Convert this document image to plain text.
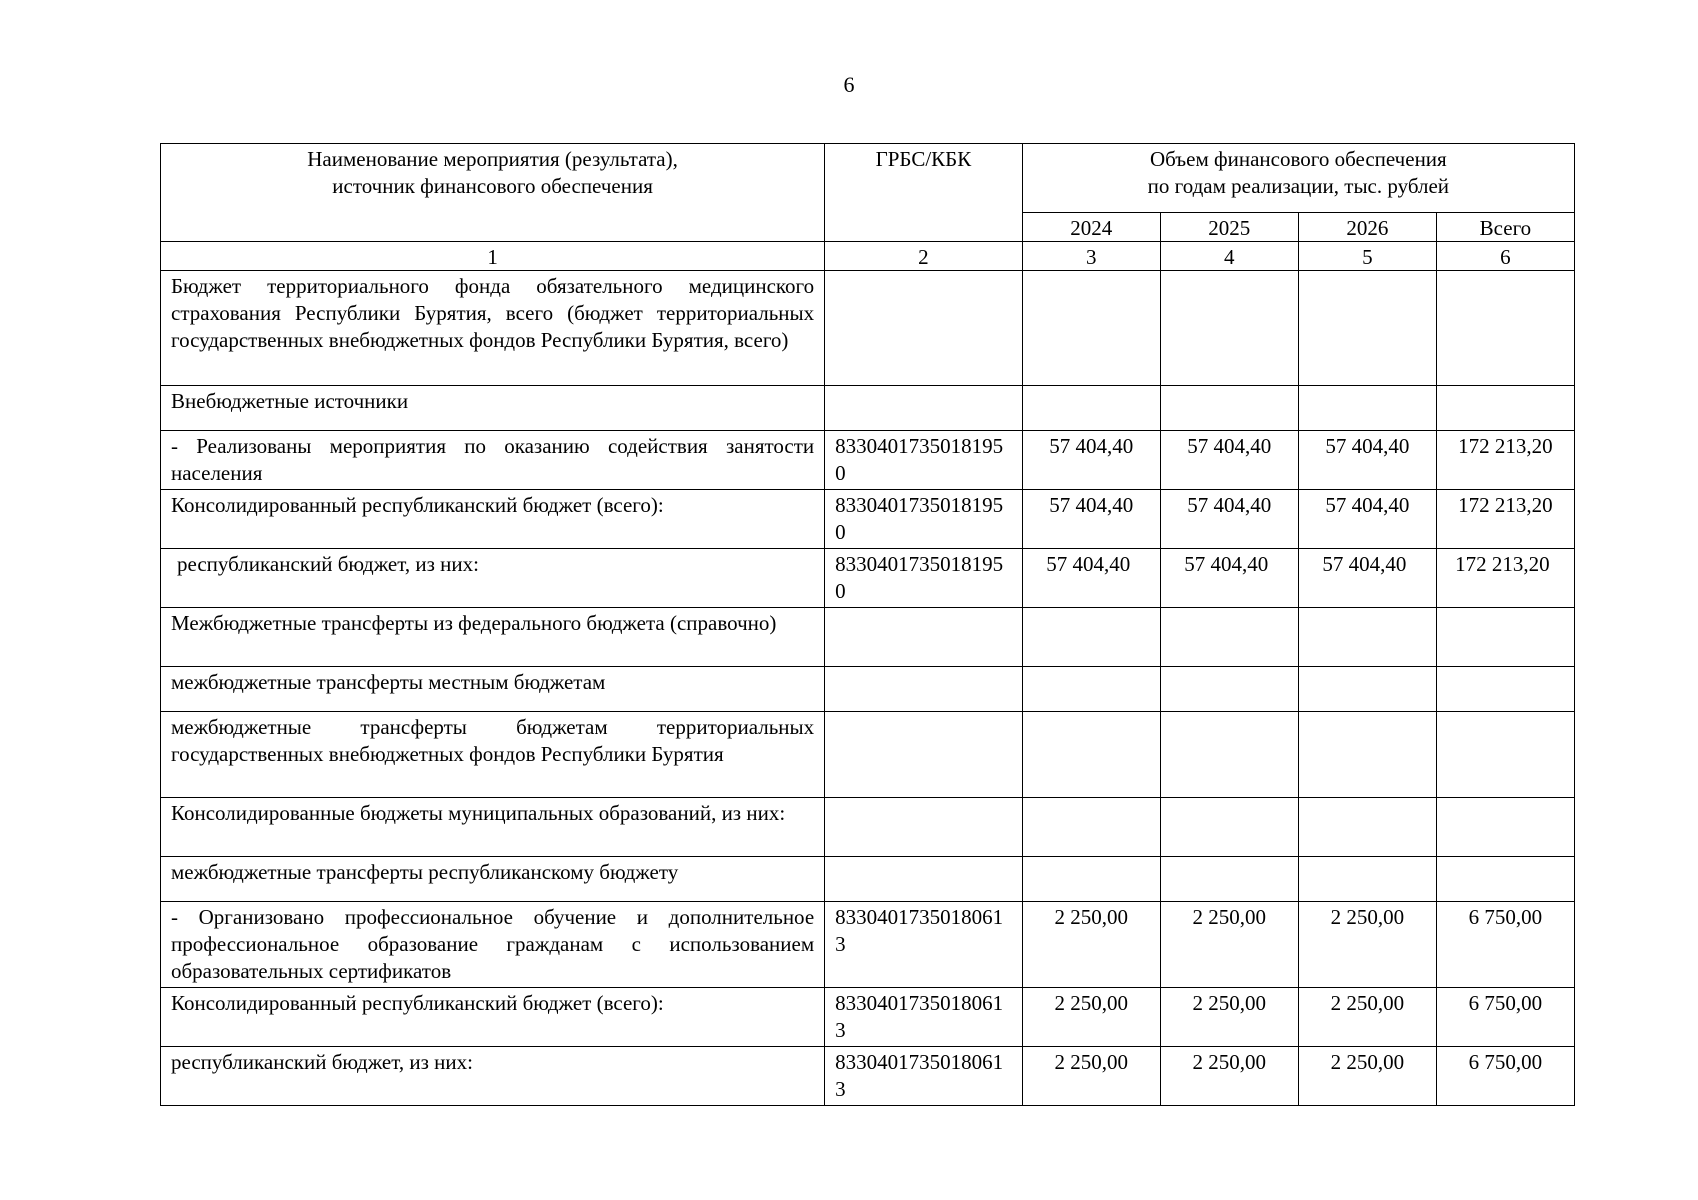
6
Наименование мероприятия (результата),
источник финансового обеспечения	ГРБС/КБК	Объем финансового обеспечения
по годам реализации, тыс. рублей			
		2024	2025	2026	Всего
1	2	3	4	5	6
Бюджет территориального фонда обязательного медицинского страхования Республики Бурятия, всего (бюджет территориальных государственных внебюджетных фондов Республики Бурятия, всего)					
Внебюджетные источники					
- Реализованы мероприятия по оказанию содействия занятости населения	83304017350181950	57 404,40	57 404,40	57 404,40	172 213,20
Консолидированный республиканский бюджет (всего):	83304017350181950	57 404,40	57 404,40	57 404,40	172 213,20
республиканский бюджет, из них:	83304017350181950	57 404,40	57 404,40	57 404,40	172 213,20
Межбюджетные трансферты из федерального бюджета (справочно)					
межбюджетные трансферты местным бюджетам					
межбюджетные трансферты бюджетам территориальных государственных внебюджетных фондов Республики Бурятия					
Консолидированные бюджеты муниципальных образований, из них:					
межбюджетные трансферты республиканскому бюджету					
- Организовано профессиональное обучение и дополнительное профессиональное образование гражданам с использованием образовательных сертификатов	83304017350180613	2 250,00	2 250,00	2 250,00	6 750,00
Консолидированный республиканский бюджет (всего):	83304017350180613	2 250,00	2 250,00	2 250,00	6 750,00
республиканский бюджет, из них:	83304017350180613	2 250,00	2 250,00	2 250,00	6 750,00
